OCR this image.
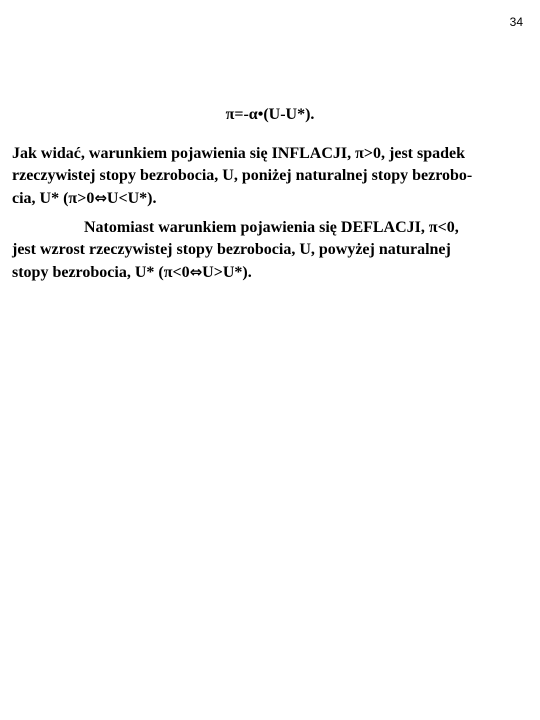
34
π=-α•(U-U*).

Jak widać, warunkiem pojawienia się INFLACJI, π>0, jest spadek
rzeczywistej stopy bezrobocia, U, poniżej naturalnej stopy bezrobo-
cia, U* (π>0⇔U<U*).

Natomiast warunkiem pojawienia się DEFLACJI, π<0,
jest wzrost rzeczywistej stopy bezrobocia, U, powyżej naturalnej
stopy bezrobocia, U* (π<0⇔U>U*).
